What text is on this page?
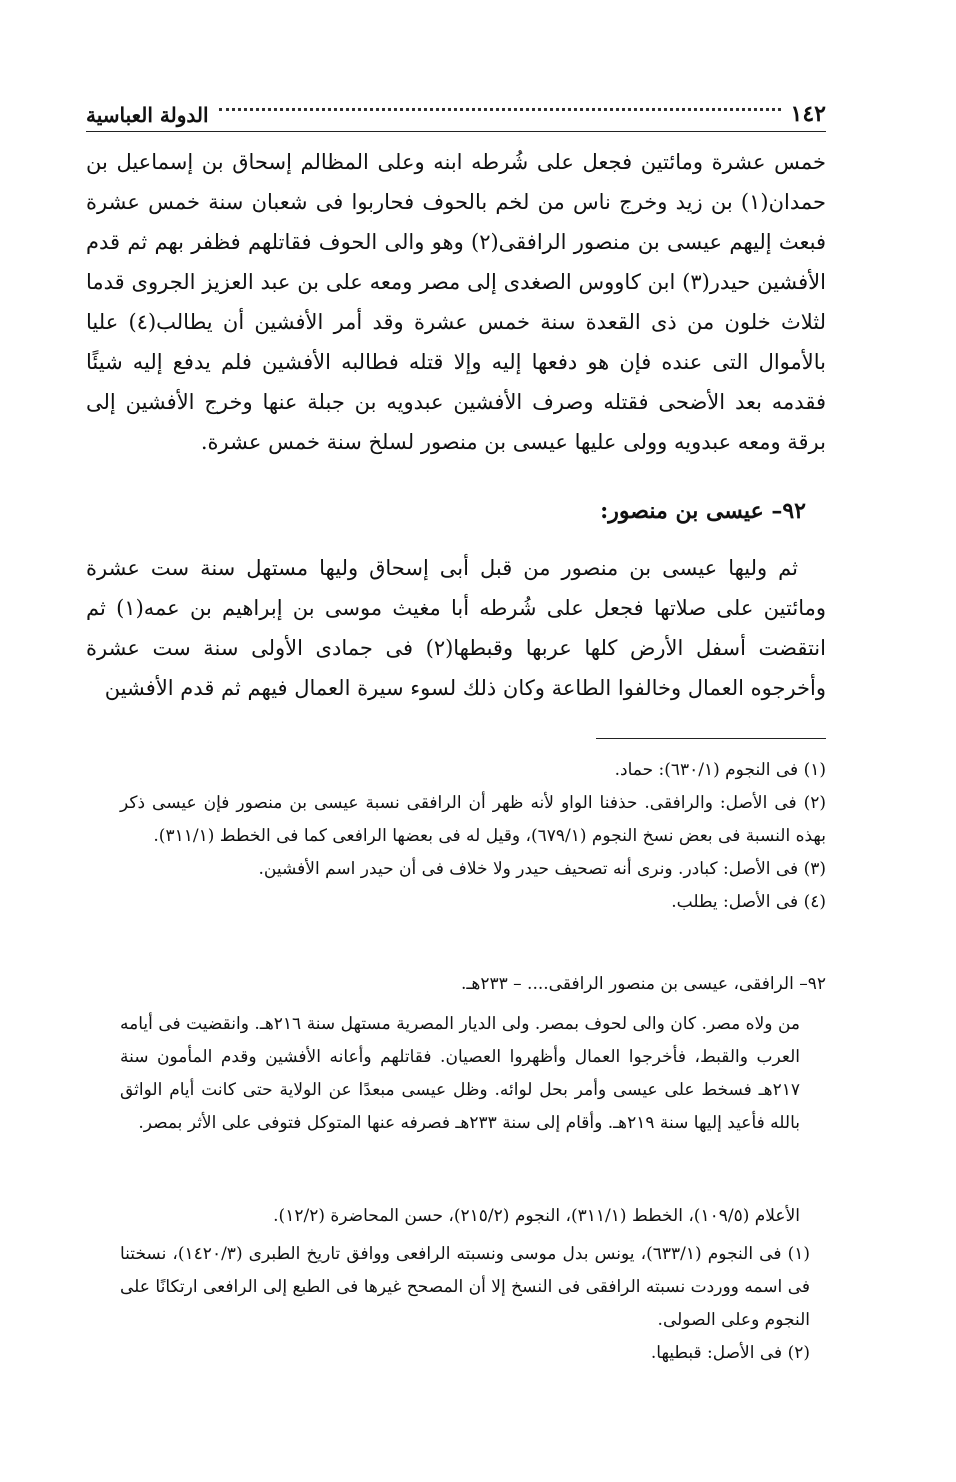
١٤٢
الدولة العباسية

خمس عشرة ومائتين فجعل على شُرطه ابنه وعلى المظالم إسحاق بن إسماعيل بن حمدان(١) بن زيد وخرج ناس من لخم بالحوف فحاربوا فى شعبان سنة خمس عشرة فبعث إليهم عيسى بن منصور الرافقى(٢) وهو والى الحوف فقاتلهم فظفر بهم ثم قدم الأفشين حيدر(٣) ابن كاووس الصغدى إلى مصر ومعه على بن عبد العزيز الجروى قدما لثلاث خلون من ذى القعدة سنة خمس عشرة وقد أمر الأفشين أن يطالب(٤) عليا بالأموال التى عنده فإن هو دفعها إليه وإلا قتله فطالبه الأفشين فلم يدفع إليه شيئًا فقدمه بعد الأضحى فقتله وصرف الأفشين عبدويه بن جبلة عنها وخرج الأفشين إلى برقة ومعه عبدويه وولى عليها عيسى بن منصور لسلخ سنة خمس عشرة.

٩٢– عيسى بن منصور:

ثم وليها عيسى بن منصور من قبل أبى إسحاق وليها مستهل سنة ست عشرة ومائتين على صلاتها فجعل على شُرطه أبا مغيث موسى بن إبراهيم بن عمه(١) ثم انتقضت أسفل الأرض كلها عربها وقبطها(٢) فى جمادى الأولى سنة ست عشرة وأخرجوه العمال وخالفوا الطاعة وكان ذلك لسوء سيرة العمال فيهم ثم قدم الأفشين

(١) فى النجوم (٦٣٠/١): حماد.

(٢) فى الأصل: والرافقى. حذفنا الواو لأنه ظهر أن الرافقى نسبة عيسى بن منصور فإن عيسى ذكر بهذه النسبة فى بعض نسخ النجوم (٦٧٩/١)، وقيل له فى بعضها الرافعى كما فى الخطط (٣١١/١).

(٣) فى الأصل: كبادر. ونرى أنه تصحيف حيدر ولا خلاف فى أن حيدر اسم الأفشين.

(٤) فى الأصل: يطلب.

٩٢– الرافقى، عيسى بن منصور الرافقى.... – ٢٣٣هـ.

من ولاه مصر. كان والى لحوف بمصر. ولى الديار المصرية مستهل سنة ٢١٦هـ. وانقضيت فى أيامه العرب والقبط، فأخرجوا العمال وأظهروا العصيان. فقاتلهم وأعانه الأفشين وقدم المأمون سنة ٢١٧هـ فسخط على عيسى وأمر بحل لوائه. وظل عيسى مبعدًا عن الولاية حتى كانت أيام الواثق بالله فأعيد إليها سنة ٢١٩هـ. وأقام إلى سنة ٢٣٣هـ فصرفه عنها المتوكل فتوفى على الأثر بمصر.

الأعلام (١٠٩/٥)، الخطط (٣١١/١)، النجوم (٢١٥/٢)، حسن المحاضرة (١٢/٢).

(١) فى النجوم (٦٣٣/١)، يونس بدل موسى ونسبته الرافعى ووافق تاريخ الطبرى (١٤٢٠/٣)، نسختنا فى اسمه ووردت نسبته الرافقى فى النسخ إلا أن المصحح غيرها فى الطبع إلى الرافعى ارتكانًا على النجوم وعلى الصولى.

(٢) فى الأصل: قبطيها.
